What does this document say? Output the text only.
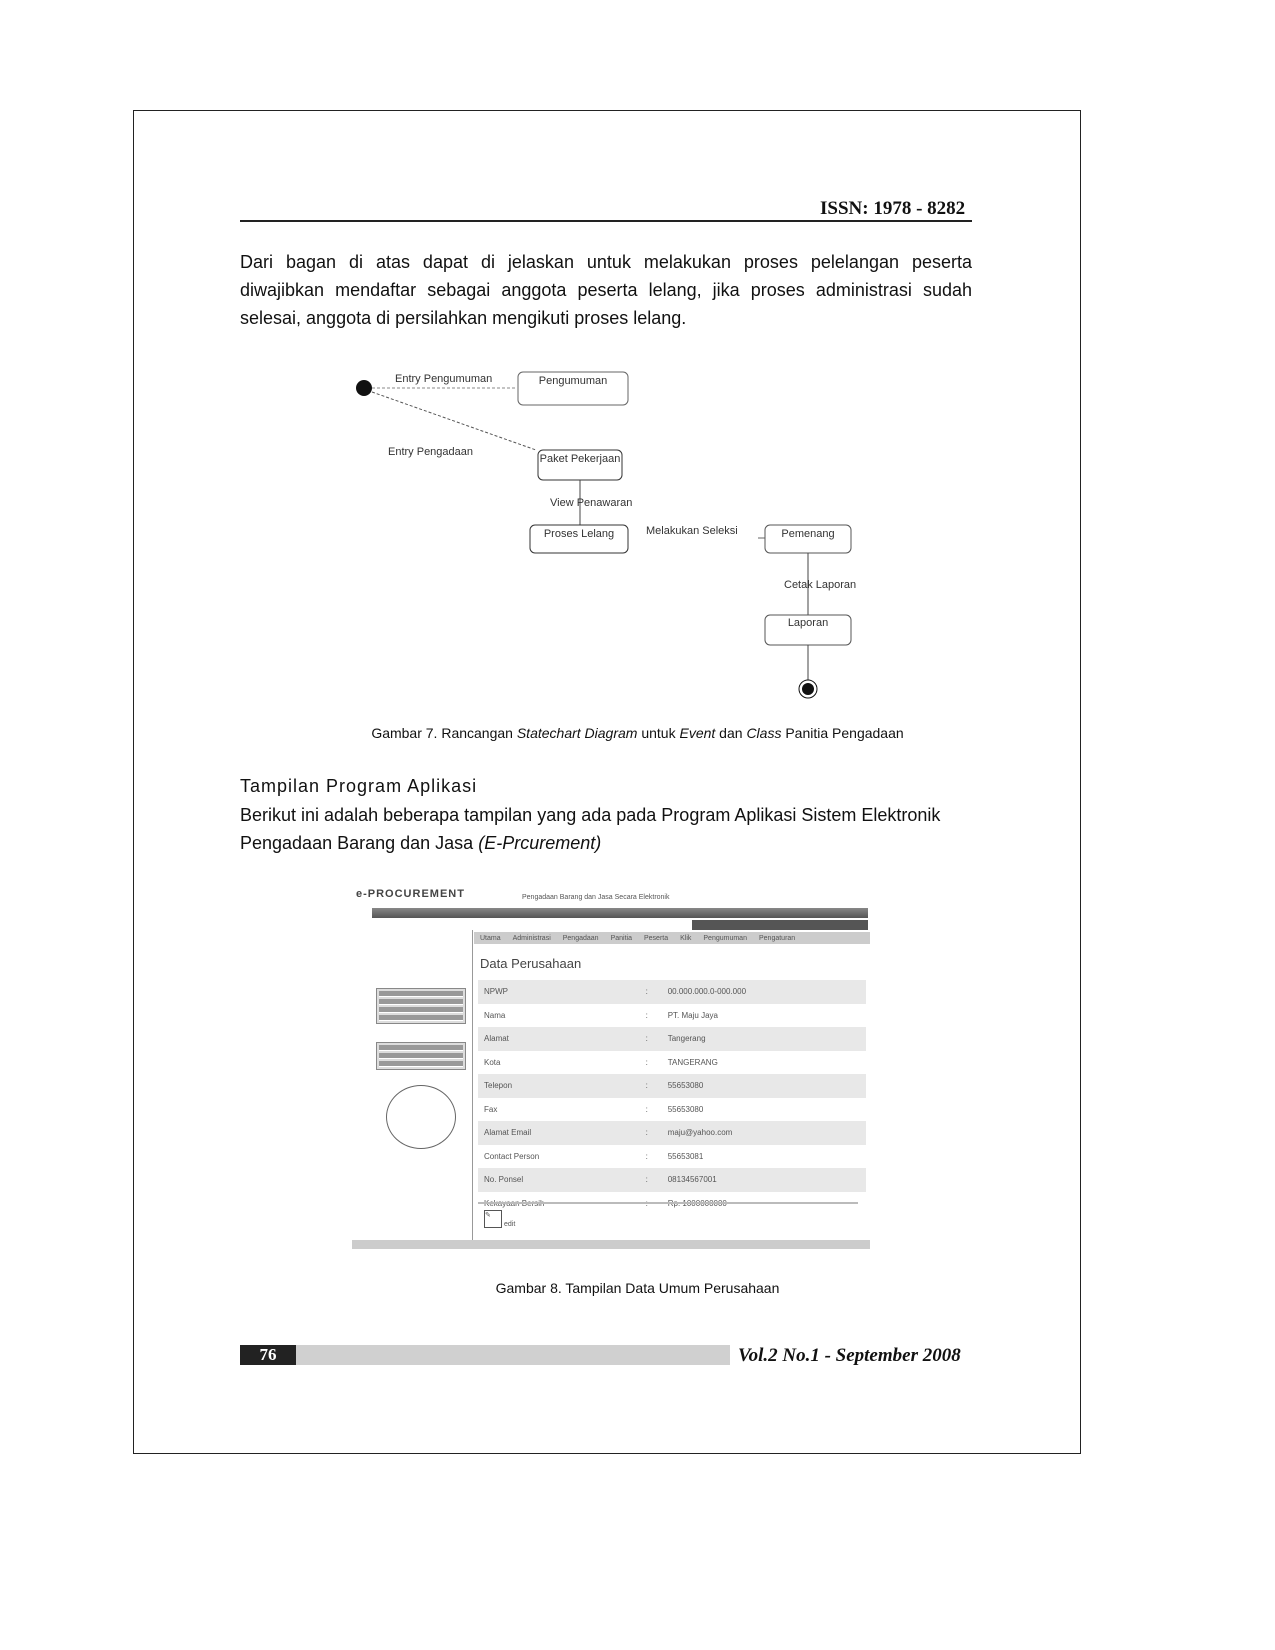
ISSN: 1978 - 8282
Dari bagan di atas dapat di jelaskan untuk melakukan proses pelelangan peserta diwajibkan mendaftar sebagai anggota peserta lelang, jika proses administrasi sudah selesai, anggota di persilahkan mengikuti proses lelang.
Pengumuman
Paket Pekerjaan
Proses Lelang	Pemenang
Laporan
Entry Pengumuman
Entry Pengadaan
View Penawaran
Melakukan Seleksi
Cetak Laporan
Gambar 7. Rancangan Statechart Diagram untuk Event dan Class Panitia Pengadaan
Tampilan Program Aplikasi
Berikut ini adalah beberapa tampilan yang ada pada Program Aplikasi Sistem Elektronik Pengadaan Barang dan Jasa (E-Prcurement)
e-PROCUREMENT	Pengadaan Barang dan Jasa Secara Elektronik
Utama Administrasi Pengadaan Panitia Peserta Klik Pengumuman Pengaturan
Data Perusahaan
NPWP	:	00.000.000.0-000.000
Nama	:	PT. Maju Jaya
Alamat	:	Tangerang
Kota	:	TANGERANG
Telepon	:	55653080
Fax	:	55653080
Alamat Email	:	maju@yahoo.com
Contact Person	:	55653081
No. Ponsel	:	08134567001
Kekayaan Bersih	:	Rp. 1000000000
✎
edit
Gambar 8. Tampilan Data Umum Perusahaan
76	Vol.2 No.1 - September 2008
